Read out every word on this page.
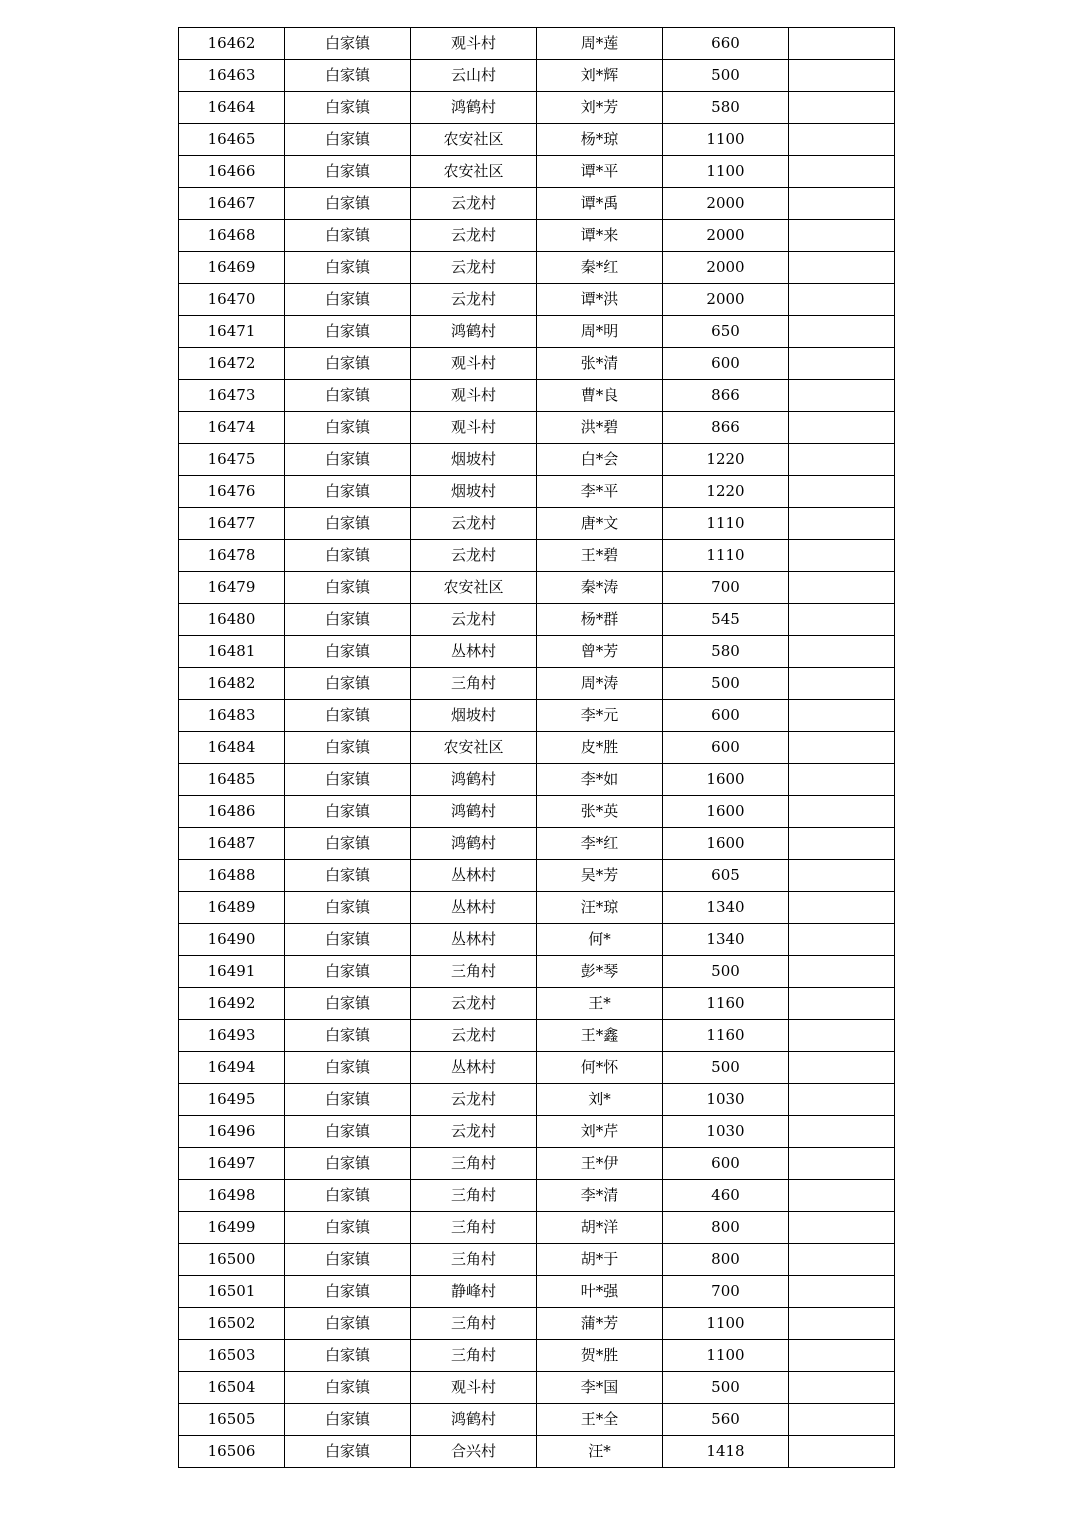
16462	白家镇	观斗村	周*莲	660	
16463	白家镇	云山村	刘*辉	500	
16464	白家镇	鸿鹤村	刘*芳	580	
16465	白家镇	农安社区	杨*琼	1100	
16466	白家镇	农安社区	谭*平	1100	
16467	白家镇	云龙村	谭*禹	2000	
16468	白家镇	云龙村	谭*来	2000	
16469	白家镇	云龙村	秦*红	2000	
16470	白家镇	云龙村	谭*洪	2000	
16471	白家镇	鸿鹤村	周*明	650	
16472	白家镇	观斗村	张*清	600	
16473	白家镇	观斗村	曹*良	866	
16474	白家镇	观斗村	洪*碧	866	
16475	白家镇	烟坡村	白*会	1220	
16476	白家镇	烟坡村	李*平	1220	
16477	白家镇	云龙村	唐*文	1110	
16478	白家镇	云龙村	王*碧	1110	
16479	白家镇	农安社区	秦*涛	700	
16480	白家镇	云龙村	杨*群	545	
16481	白家镇	丛林村	曾*芳	580	
16482	白家镇	三角村	周*涛	500	
16483	白家镇	烟坡村	李*元	600	
16484	白家镇	农安社区	皮*胜	600	
16485	白家镇	鸿鹤村	李*如	1600	
16486	白家镇	鸿鹤村	张*英	1600	
16487	白家镇	鸿鹤村	李*红	1600	
16488	白家镇	丛林村	吴*芳	605	
16489	白家镇	丛林村	汪*琼	1340	
16490	白家镇	丛林村	何*	1340	
16491	白家镇	三角村	彭*琴	500	
16492	白家镇	云龙村	王*	1160	
16493	白家镇	云龙村	王*鑫	1160	
16494	白家镇	丛林村	何*怀	500	
16495	白家镇	云龙村	刘*	1030	
16496	白家镇	云龙村	刘*芹	1030	
16497	白家镇	三角村	王*伊	600	
16498	白家镇	三角村	李*清	460	
16499	白家镇	三角村	胡*洋	800	
16500	白家镇	三角村	胡*于	800	
16501	白家镇	静峰村	叶*强	700	
16502	白家镇	三角村	蒲*芳	1100	
16503	白家镇	三角村	贺*胜	1100	
16504	白家镇	观斗村	李*国	500	
16505	白家镇	鸿鹤村	王*全	560	
16506	白家镇	合兴村	汪*	1418	
